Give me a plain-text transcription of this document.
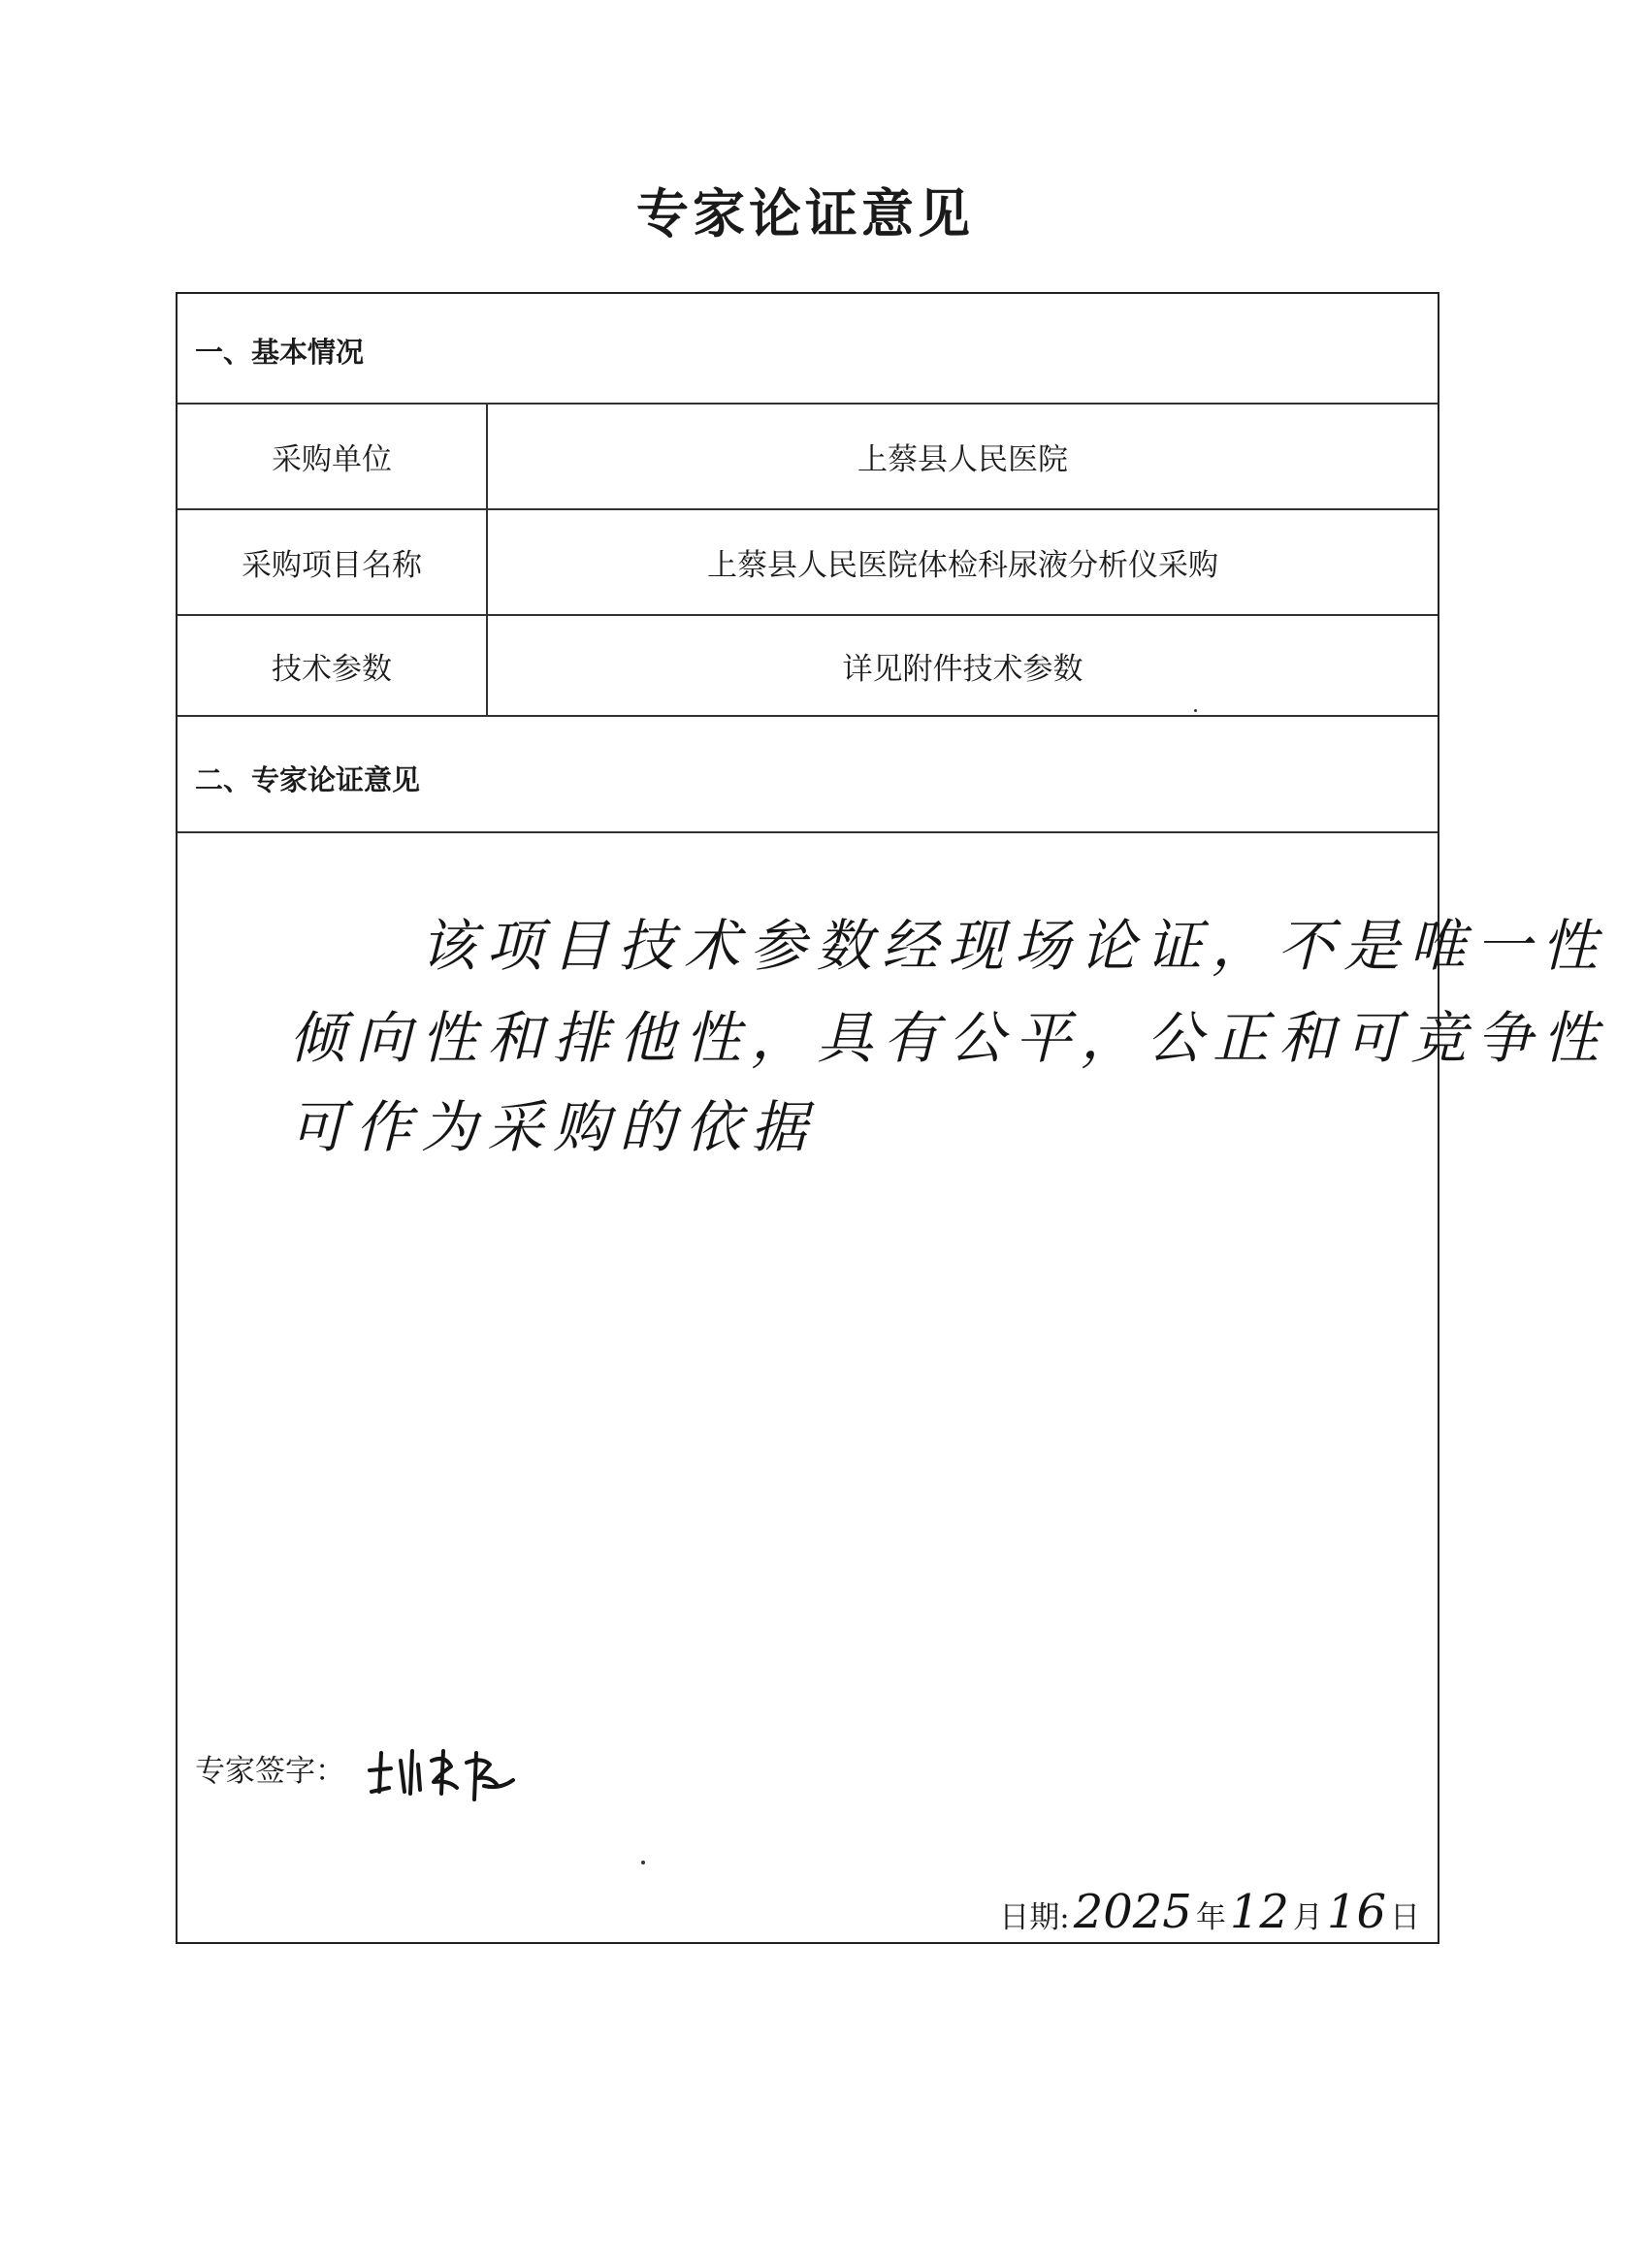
专家论证意见
一、基本情况
采购单位	上蔡县人民医院
采购项目名称	上蔡县人民医院体检科尿液分析仪采购
技术参数	详见附件技术参数
二、专家论证意见
该项目技术参数经现场论证，不是唯一性
倾向性和排他性，具有公平，公正和可竞争性
可作为采购的依据
专家签字：
日期: 2025 年 12 月 16 日
